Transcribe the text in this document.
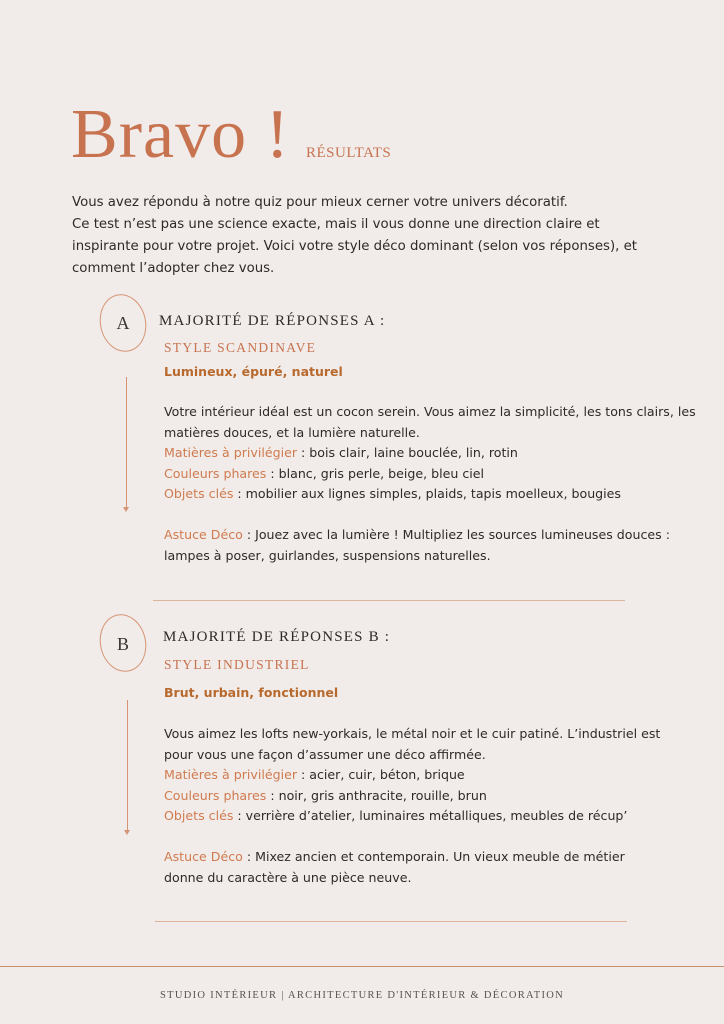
Bravo ! RÉSULTATS

Vous avez répondu à notre quiz pour mieux cerner votre univers décoratif.

Ce test n’est pas une science exacte, mais il vous donne une direction claire et

inspirante pour votre projet. Voici votre style déco dominant (selon vos réponses), et

comment l’adopter chez vous.

A	MAJORITÉ DE RÉPONSES A :
STYLE SCANDINAVE
Lumineux, épuré, naturel

Votre intérieur idéal est un cocon serein. Vous aimez la simplicité, les tons clairs, les

matières douces, et la lumière naturelle.

Matières à privilégier : bois clair, laine bouclée, lin, rotin

Couleurs phares : blanc, gris perle, beige, bleu ciel

Objets clés : mobilier aux lignes simples, plaids, tapis moelleux, bougies

Astuce Déco : Jouez avec la lumière ! Multipliez les sources lumineuses douces :

lampes à poser, guirlandes, suspensions naturelles.

B	MAJORITÉ DE RÉPONSES B :
STYLE INDUSTRIEL
Brut, urbain, fonctionnel

Vous aimez les lofts new-yorkais, le métal noir et le cuir patiné. L’industriel est

pour vous une façon d’assumer une déco affirmée.

Matières à privilégier : acier, cuir, béton, brique

Couleurs phares : noir, gris anthracite, rouille, brun

Objets clés : verrière d’atelier, luminaires métalliques, meubles de récup’

Astuce Déco : Mixez ancien et contemporain. Un vieux meuble de métier

donne du caractère à une pièce neuve.

STUDIO INTÉRIEUR | ARCHITECTURE D'INTÉRIEUR & DÉCORATION
